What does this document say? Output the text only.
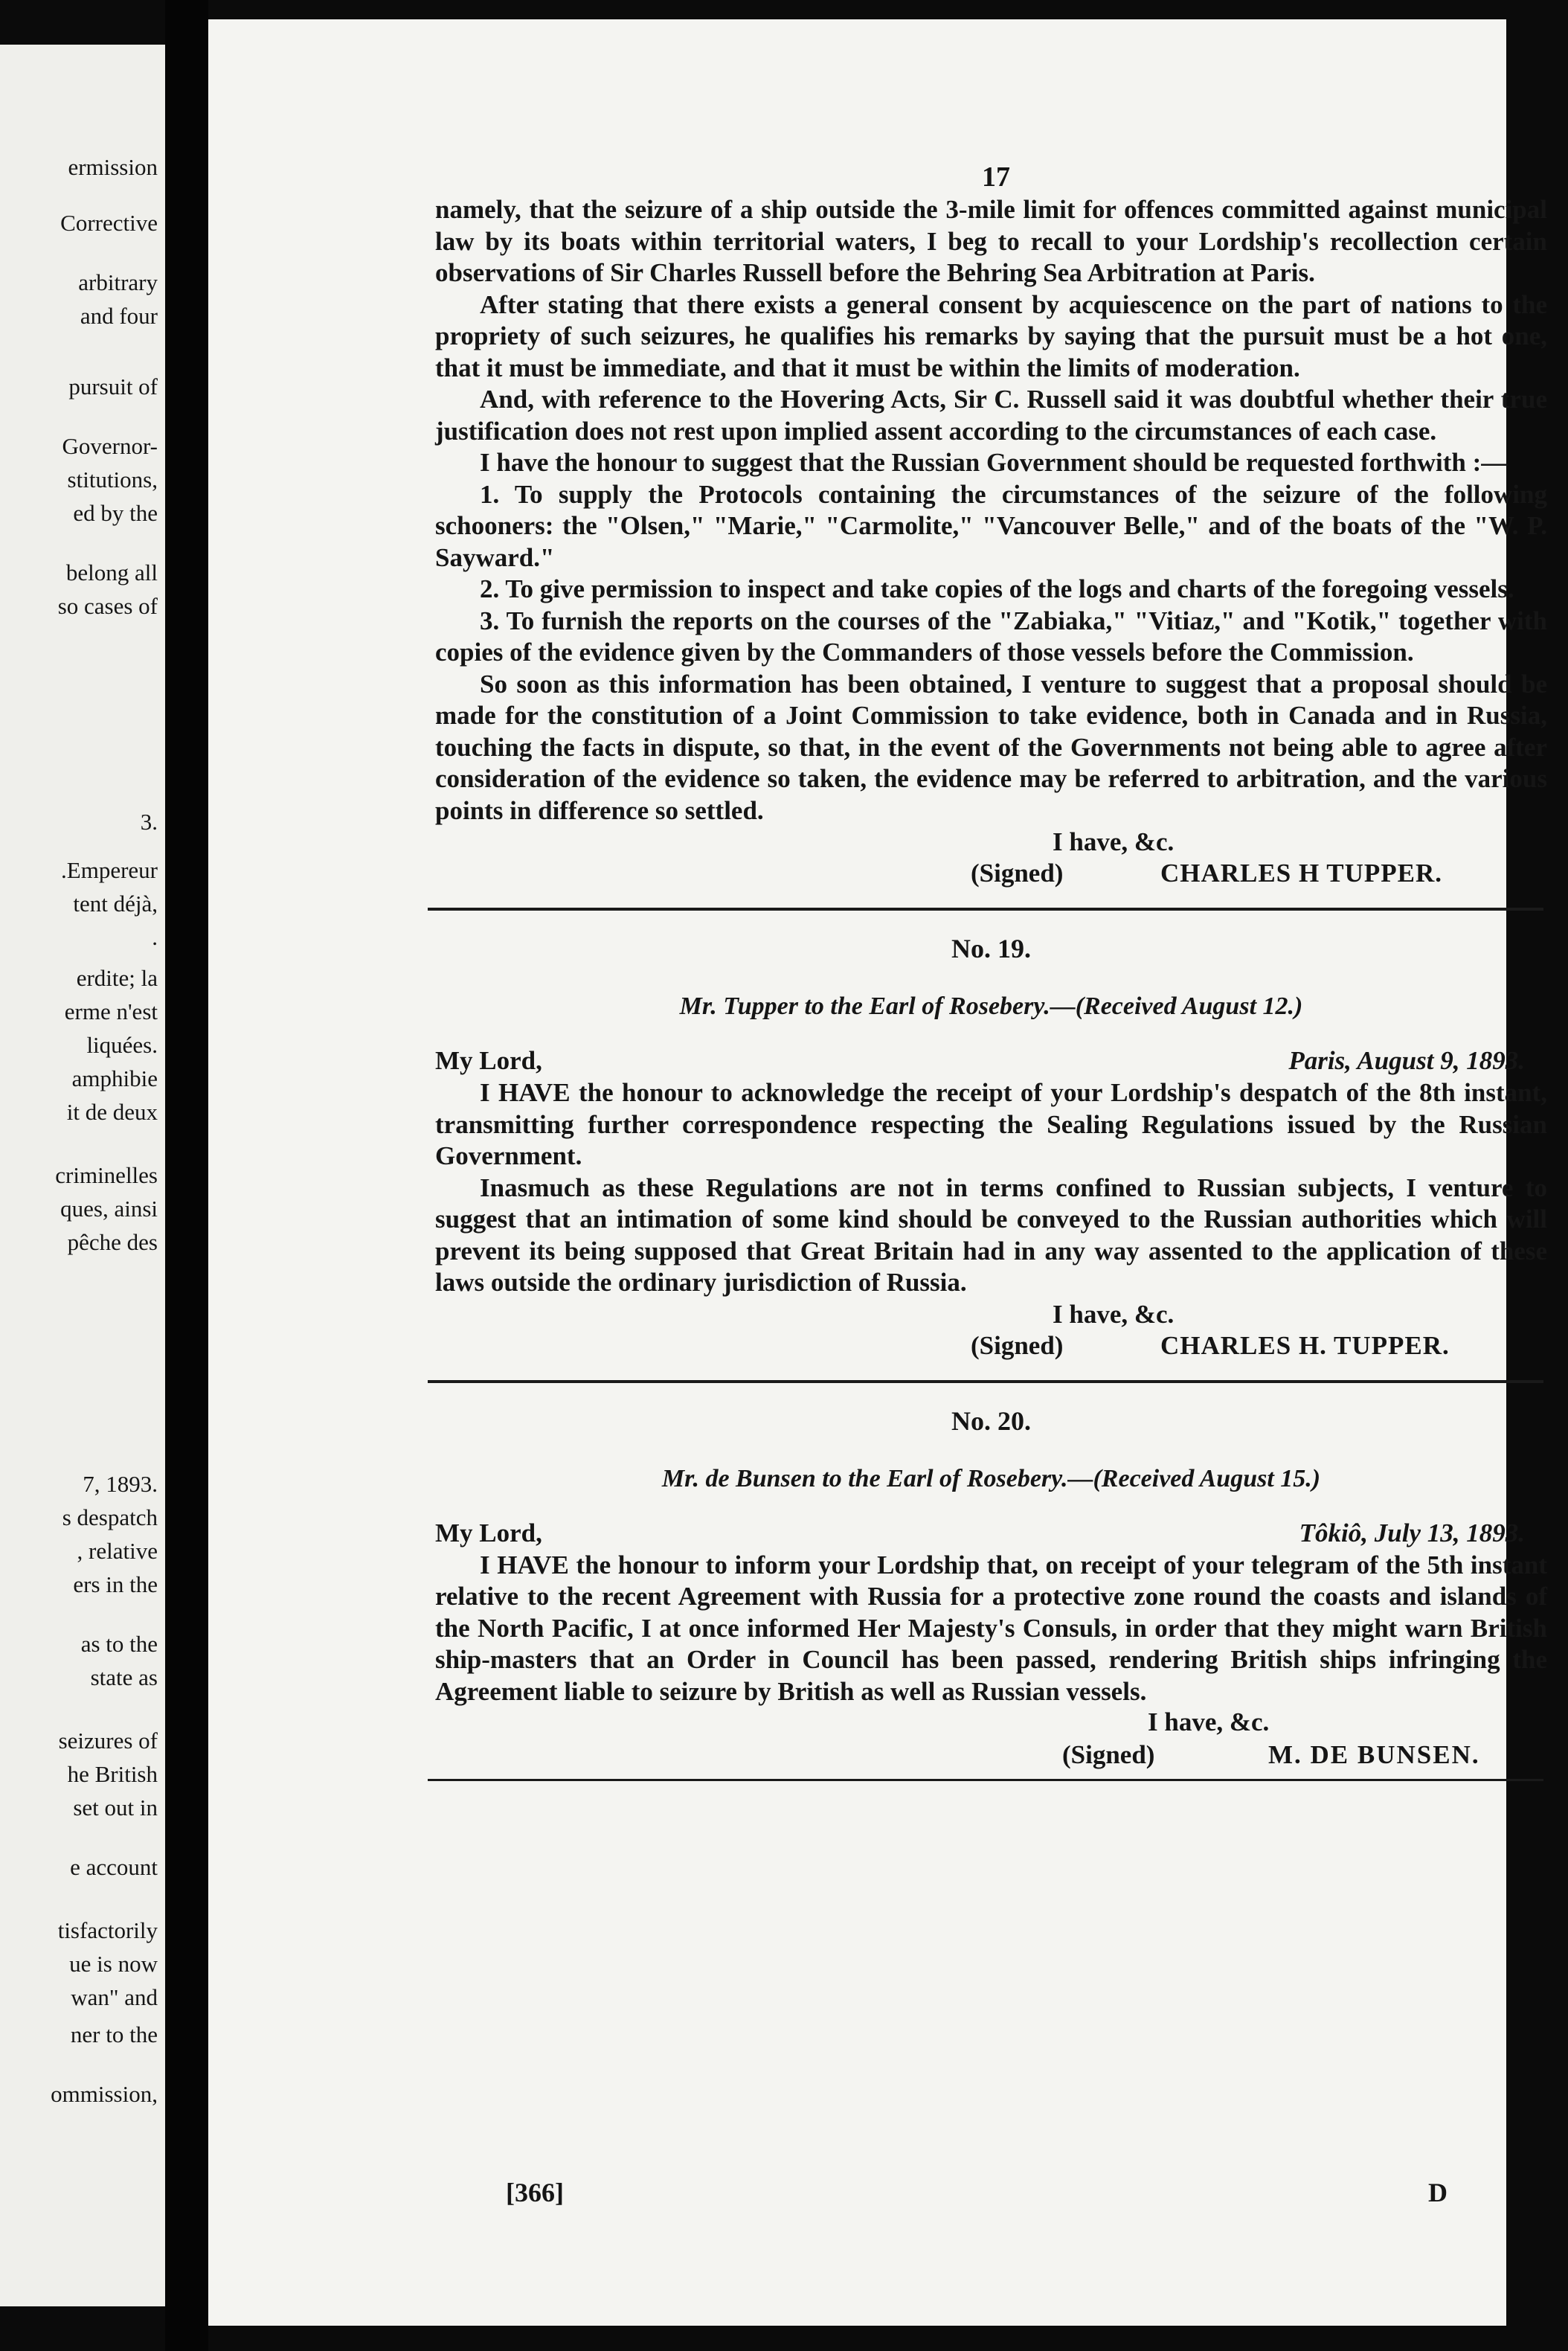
ermission
Corrective
arbitrary
and four
pursuit of
Governor-
stitutions,
ed by the
belong all
so cases of
3.
.Empereur
tent déjà,
.
erdite; la
erme n'est
liquées.
amphibie
it de deux
criminelles
ques, ainsi
pêche des
7, 1893.
s despatch
, relative
ers in the
as to the
state as
seizures of
he British
set out in
e account
tisfactorily
ue is now
wan" and
ner to the
ommission,
17

namely, that the seizure of a ship outside the 3-mile limit for offences committed against municipal law by its boats within territorial waters, I beg to recall to your Lordship's recollection certain observations of Sir Charles Russell before the Behring Sea Arbitration at Paris.

After stating that there exists a general consent by acquiescence on the part of nations to the propriety of such seizures, he qualifies his remarks by saying that the pursuit must be a hot one, that it must be immediate, and that it must be within the limits of moderation.

And, with reference to the Hovering Acts, Sir C. Russell said it was doubtful whether their true justification does not rest upon implied assent according to the circumstances of each case.

I have the honour to suggest that the Russian Government should be requested forthwith :—

1. To supply the Protocols containing the circumstances of the seizure of the following schooners: the "Olsen," "Marie," "Carmolite," "Vancouver Belle," and of the boats of the "W. P. Sayward."

2. To give permission to inspect and take copies of the logs and charts of the foregoing vessels.

3. To furnish the reports on the courses of the "Zabiaka," "Vitiaz," and "Kotik," together with copies of the evidence given by the Commanders of those vessels before the Commission.

So soon as this information has been obtained, I venture to suggest that a proposal should be made for the constitution of a Joint Commission to take evidence, both in Canada and in Russia, touching the facts in dispute, so that, in the event of the Governments not being able to agree after consideration of the evidence so taken, the evidence may be referred to arbitration, and the various points in difference so settled.

I have, &c.
(Signed)	CHARLES H TUPPER.
No. 19.
Mr. Tupper to the Earl of Rosebery.—(Received August 12.)
My Lord,	Paris, August 9, 1893.

I HAVE the honour to acknowledge the receipt of your Lordship's despatch of the 8th instant, transmitting further correspondence respecting the Sealing Regulations issued by the Russian Government.

Inasmuch as these Regulations are not in terms confined to Russian subjects, I venture to suggest that an intimation of some kind should be conveyed to the Russian authorities which will prevent its being supposed that Great Britain had in any way assented to the application of these laws outside the ordinary jurisdiction of Russia.

I have, &c.
(Signed)	CHARLES H. TUPPER.
No. 20.
Mr. de Bunsen to the Earl of Rosebery.—(Received August 15.)
My Lord,	Tôkiô, July 13, 1893.

I HAVE the honour to inform your Lordship that, on receipt of your telegram of the 5th instant relative to the recent Agreement with Russia for a protective zone round the coasts and islands of the North Pacific, I at once informed Her Majesty's Consuls, in order that they might warn British ship-masters that an Order in Council has been passed, rendering British ships infringing the Agreement liable to seizure by British as well as Russian vessels.

I have, &c.
(Signed)	M. DE BUNSEN.
[366]	D
